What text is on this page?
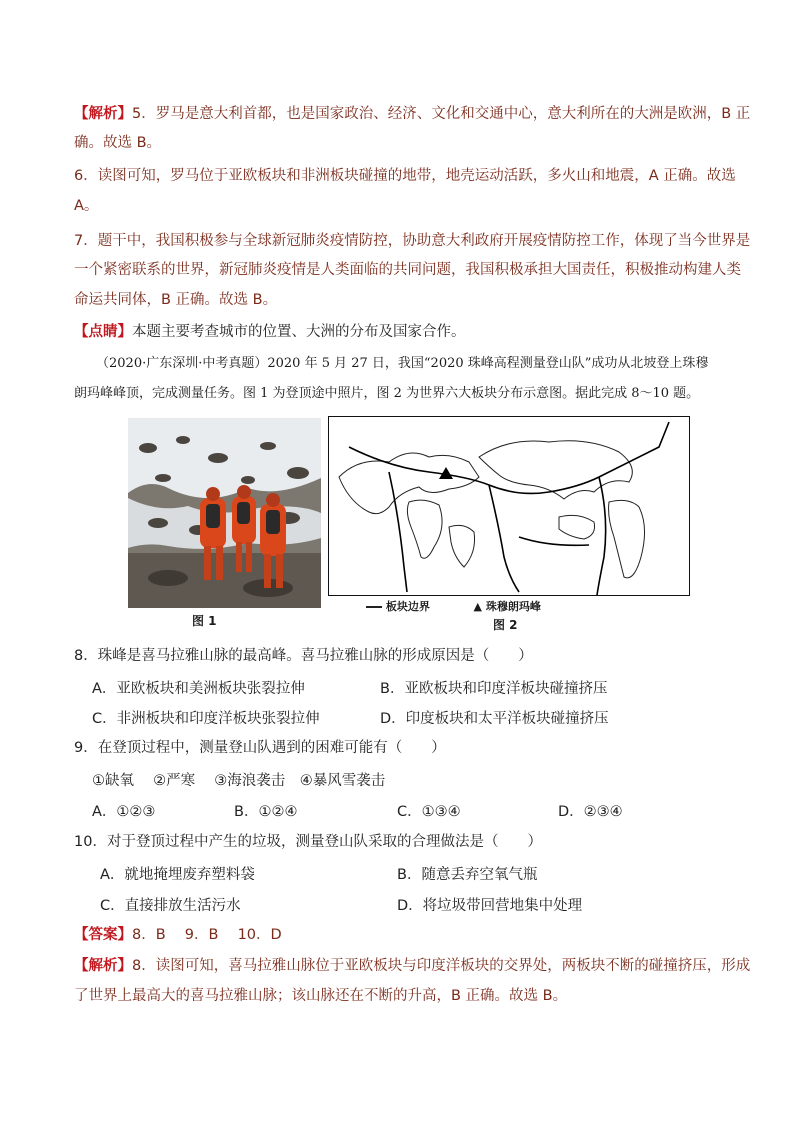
【解析】5．罗马是意大利首都，也是国家政治、经济、文化和交通中心，意大利所在的大洲是欧洲，B 正
确。故选 B。
6．读图可知，罗马位于亚欧板块和非洲板块碰撞的地带，地壳运动活跃，多火山和地震，A 正确。故选
A。
7．题干中，我国积极参与全球新冠肺炎疫情防控，协助意大利政府开展疫情防控工作，体现了当今世界是
一个紧密联系的世界，新冠肺炎疫情是人类面临的共同问题，我国积极承担大国责任，积极推动构建人类
命运共同体，B 正确。故选 B。
【点睛】本题主要考查城市的位置、大洲的分布及国家合作。
（2020·广东深圳·中考真题）2020 年 5 月 27 日，我国“2020 珠峰高程测量登山队”成功从北坡登上珠穆
朗玛峰峰顶，完成测量任务。图 1 为登顶途中照片，图 2 为世界六大板块分布示意图。据此完成 8～10 题。
图 1
板块边界	▲ 珠穆朗玛峰
图 2
8．珠峰是喜马拉雅山脉的最高峰。喜马拉雅山脉的形成原因是（　　）
A．亚欧板块和美洲板块张裂拉伸	B．亚欧板块和印度洋板块碰撞挤压
C．非洲板块和印度洋板块张裂拉伸	D．印度板块和太平洋板块碰撞挤压
9．在登顶过程中，测量登山队遇到的困难可能有（　　）
①缺氧　 ②严寒　 ③海浪袭击　④暴风雪袭击
A．①②③	B．①②④	C．①③④	D．②③④
10．对于登顶过程中产生的垃圾，测量登山队采取的合理做法是（　　）
A．就地掩埋废弃塑料袋	B．随意丢弃空氧气瓶
C．直接排放生活污水	D．将垃圾带回营地集中处理
【答案】8．B　 9．B　 10．D
【解析】8．读图可知，喜马拉雅山脉位于亚欧板块与印度洋板块的交界处，两板块不断的碰撞挤压，形成
了世界上最高大的喜马拉雅山脉；该山脉还在不断的升高，B 正确。故选 B。
